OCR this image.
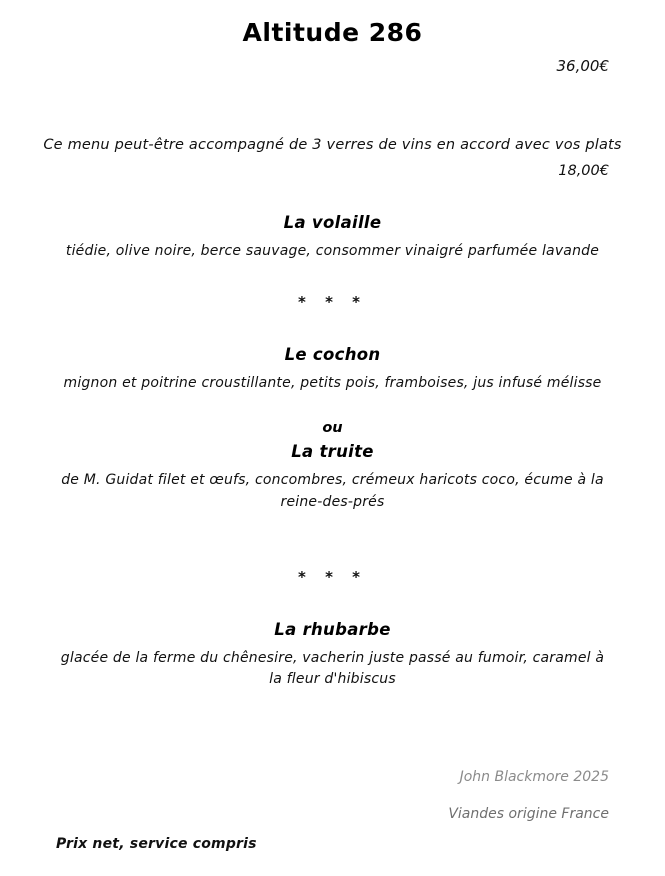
Altitude 286
36,00€
Ce menu peut-être accompagné de 3 verres de vins en accord avec vos plats
18,00€
La volaille
tiédie, olive noire, berce sauvage, consommer vinaigré parfumée lavande
* * *
Le cochon
mignon et poitrine croustillante, petits pois, framboises, jus infusé mélisse
ou
La truite
de M. Guidat filet et œufs, concombres, crémeux haricots coco, écume à la reine-des-prés
* * *
La rhubarbe
glacée de la ferme du chênesire, vacherin juste passé au fumoir, caramel à la fleur d'hibiscus
Prix net, service compris
John Blackmore 2025
Viandes origine France
